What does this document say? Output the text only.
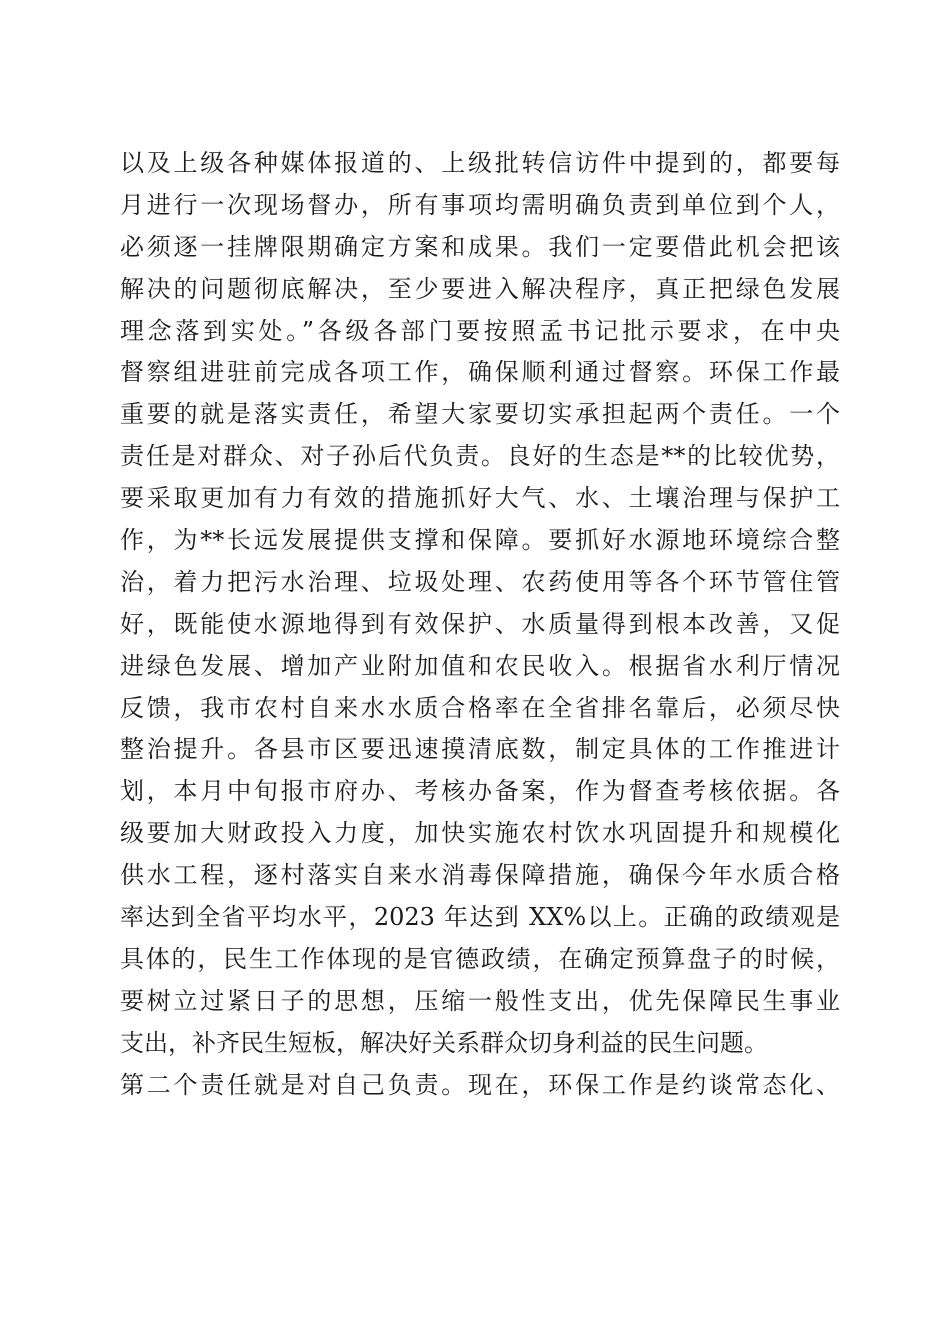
以及上级各种媒体报道的、上级批转信访件中提到的，都要每
月进行一次现场督办，所有事项均需明确负责到单位到个人，
必须逐一挂牌限期确定方案和成果。我们一定要借此机会把该
解决的问题彻底解决，至少要进入解决程序，真正把绿色发展
理念落到实处。”各级各部门要按照孟书记批示要求，在中央
督察组进驻前完成各项工作，确保顺利通过督察。环保工作最
重要的就是落实责任，希望大家要切实承担起两个责任。一个
责任是对群众、对子孙后代负责。良好的生态是**的比较优势，
要采取更加有力有效的措施抓好大气、水、土壤治理与保护工
作，为**长远发展提供支撑和保障。要抓好水源地环境综合整
治，着力把污水治理、垃圾处理、农药使用等各个环节管住管
好，既能使水源地得到有效保护、水质量得到根本改善，又促
进绿色发展、增加产业附加值和农民收入。根据省水利厅情况
反馈，我市农村自来水水质合格率在全省排名靠后，必须尽快
整治提升。各县市区要迅速摸清底数，制定具体的工作推进计
划，本月中旬报市府办、考核办备案，作为督查考核依据。各
级要加大财政投入力度，加快实施农村饮水巩固提升和规模化
供水工程，逐村落实自来水消毒保障措施，确保今年水质合格
率达到全省平均水平，2023 年达到 XX%以上。正确的政绩观是
具体的，民生工作体现的是官德政绩，在确定预算盘子的时候，
要树立过紧日子的思想，压缩一般性支出，优先保障民生事业
支出，补齐民生短板，解决好关系群众切身利益的民生问题。
第二个责任就是对自己负责。现在，环保工作是约谈常态化、
